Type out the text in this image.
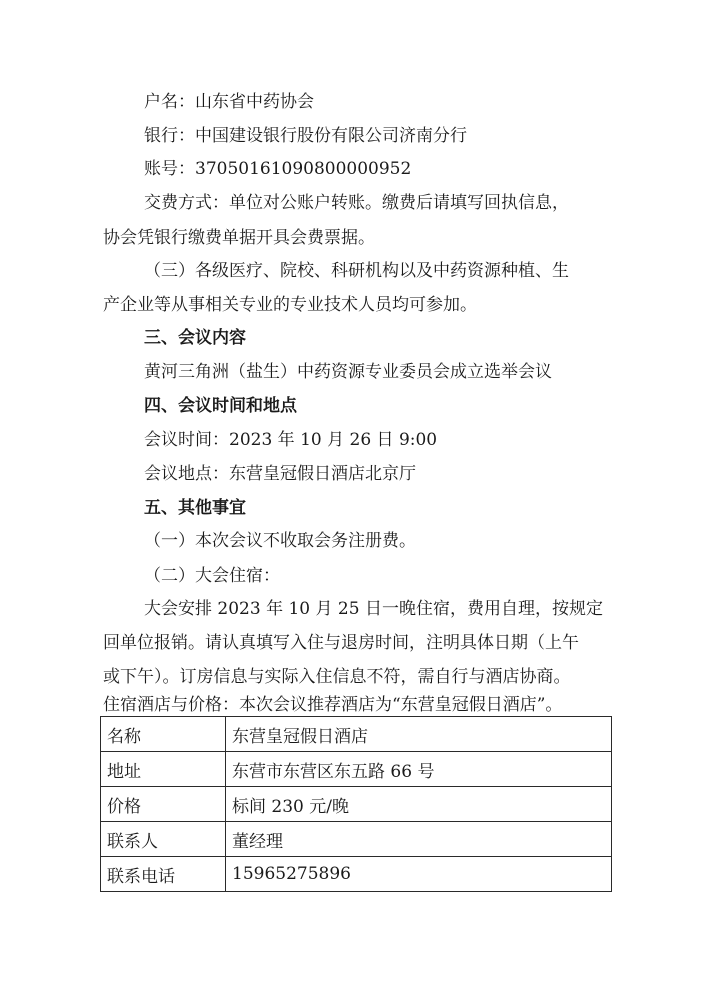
户名：山东省中药协会
银行：中国建设银行股份有限公司济南分行
账号：37050161090800000952
交费方式：单位对公账户转账。缴费后请填写回执信息，
协会凭银行缴费单据开具会费票据。
（三）各级医疗、院校、科研机构以及中药资源种植、生
产企业等从事相关专业的专业技术人员均可参加。
三、会议内容
黄河三角洲（盐生）中药资源专业委员会成立选举会议
四、会议时间和地点
会议时间：2023 年 10 月 26 日 9:00
会议地点：东营皇冠假日酒店北京厅
五、其他事宜
（一）本次会议不收取会务注册费。
（二）大会住宿：
大会安排 2023 年 10 月 25 日一晚住宿，费用自理，按规定
回单位报销。请认真填写入住与退房时间，注明具体日期（上午
或下午）。订房信息与实际入住信息不符，需自行与酒店协商。
住宿酒店与价格：本次会议推荐酒店为“东营皇冠假日酒店”。
名称	东营皇冠假日酒店
地址	东营市东营区东五路 66 号
价格	标间 230 元/晚
联系人	董经理
联系电话	15965275896
